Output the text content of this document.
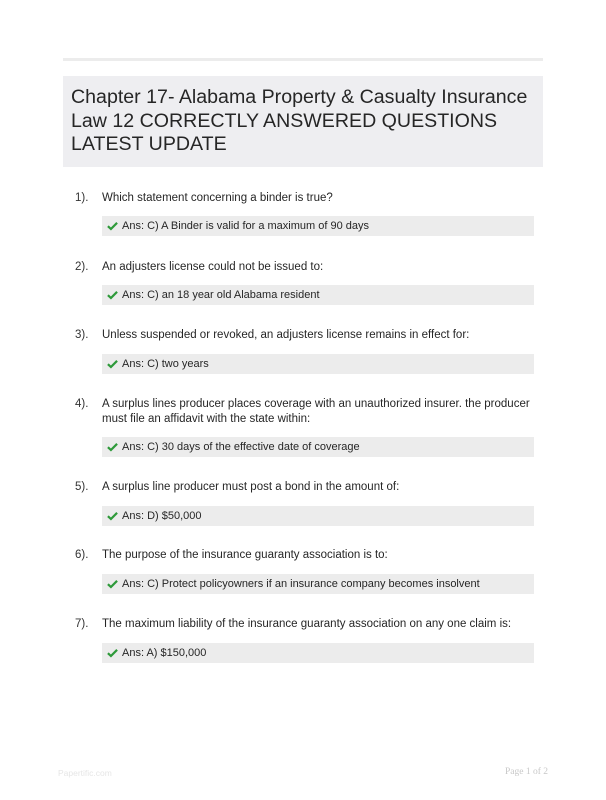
Chapter 17- Alabama Property & Casualty Insurance Law 12 CORRECTLY ANSWERED QUESTIONS LATEST UPDATE
1). Which statement concerning a binder is true?
Ans: C) A Binder is valid for a maximum of 90 days
2). An adjusters license could not be issued to:
Ans: C) an 18 year old Alabama resident
3). Unless suspended or revoked, an adjusters license remains in effect for:
Ans: C) two years
4). A surplus lines producer places coverage with an unauthorized insurer. the producer must file an affidavit with the state within:
Ans: C) 30 days of the effective date of coverage
5). A surplus line producer must post a bond in the amount of:
Ans: D) $50,000
6). The purpose of the insurance guaranty association is to:
Ans: C) Protect policyowners if an insurance company becomes insolvent
7). The maximum liability of the insurance guaranty association on any one claim is:
Ans: A) $150,000
Papertific.com	Page 1 of 2
